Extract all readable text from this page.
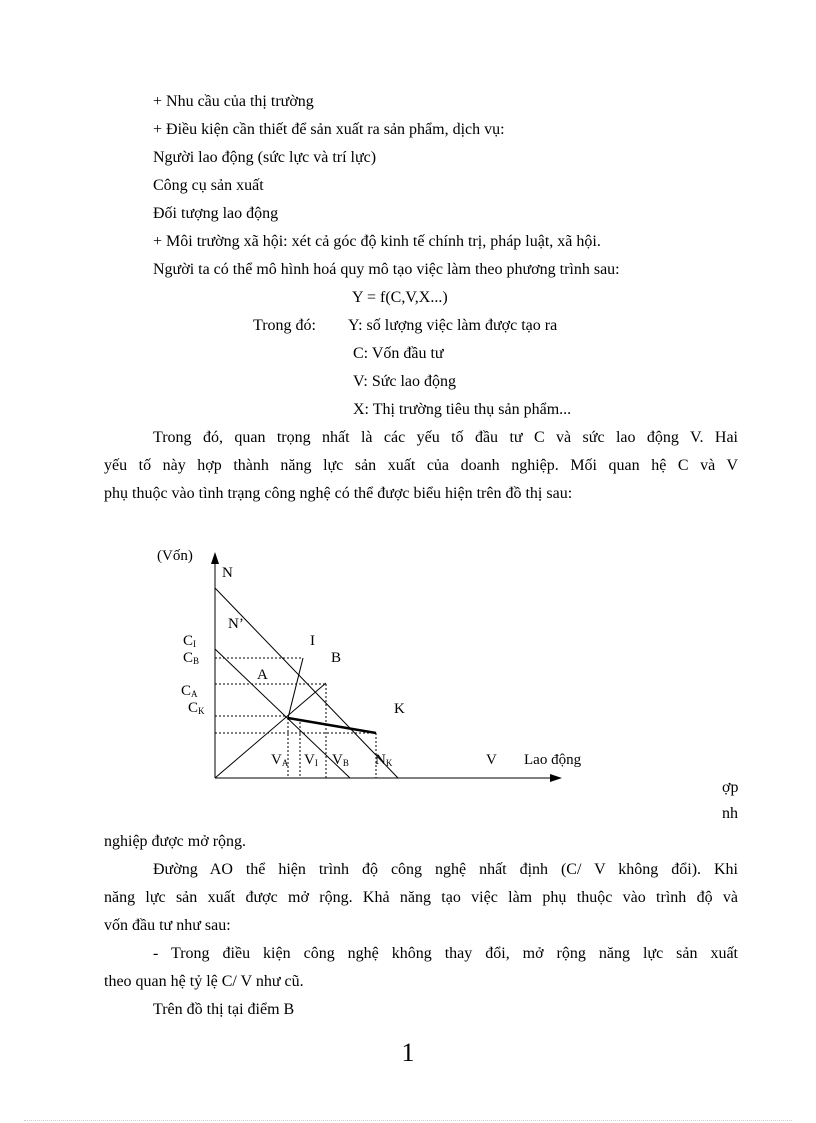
+ Nhu cầu của thị trường
+ Điều kiện cần thiết để sản xuất ra sản phẩm, dịch vụ:
Người lao động (sức lực và trí lực)
Công cụ sản xuất
Đối tượng lao động
+ Môi trường xã hội: xét cả góc độ kinh tế chính trị, pháp luật, xã hội.
Người ta có thể mô hình hoá quy mô tạo việc làm theo phương trình sau:
Y = f(C,V,X...)
Trong đó: Y: số lượng việc làm được tạo ra
C: Vốn đầu tư
V: Sức lao động
X: Thị trường tiêu thụ sản phẩm...
Trong đó, quan trọng nhất là các yếu tố đầu tư C và sức lao động V. Hai
yếu tố này hợp thành năng lực sản xuất của doanh nghiệp. Mối quan hệ C và V
phụ thuộc vào tình trạng công nghệ có thể được biểu hiện trên đồ thị sau:
(Vốn)
N
N’
I
B
A
K
V Lao động
CI
CB
CA
CK
VA VI VB NK
ợp
nh
nghiệp được mở rộng.
Đường AO thể hiện trình độ công nghệ nhất định (C/ V không đổi). Khi
năng lực sản xuất được mở rộng. Khả năng tạo việc làm phụ thuộc vào trình độ và
vốn đầu tư như sau:
- Trong điều kiện công nghệ không thay đổi, mở rộng năng lực sản xuất
theo quan hệ tỷ lệ C/ V như cũ.
Trên đồ thị tại điểm B
1
